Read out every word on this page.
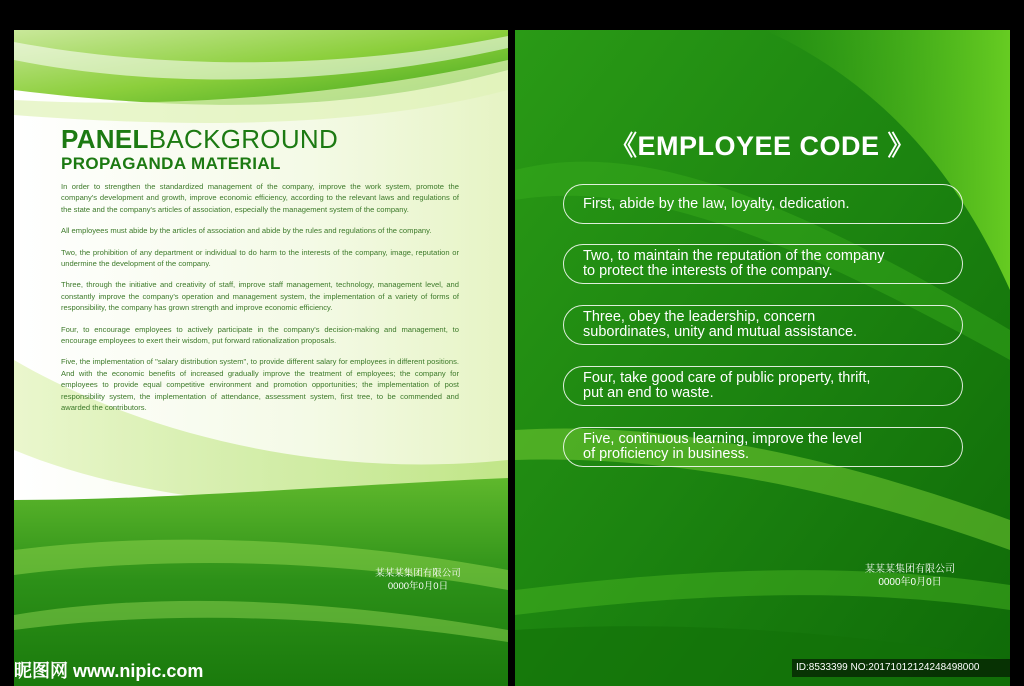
PANELBACKGROUND
PROPAGANDA MATERIAL

In order to strengthen the standardized management of the company, improve the work system, promote the company's development and growth, improve economic efficiency, according to the relevant laws and regulations of the state and the company's articles of association, especially the management system of the company.

All employees must abide by the articles of association and abide by the rules and regulations of the company.

Two, the prohibition of any department or individual to do harm to the interests of the company, image, reputation or undermine the development of the company.

Three, through the initiative and creativity of staff, improve staff management, technology, management level, and constantly improve the company's operation and management system, the implementation of a variety of forms of responsibility, the company has grown strength and improve economic efficiency.

Four, to encourage employees to actively participate in the company's decision-making and management, to encourage employees to exert their wisdom, put forward rationalization proposals.

Five, the implementation of "salary distribution system", to provide different salary for employees in different positions. And with the economic benefits of increased gradually improve the treatment of employees; the company for employees to provide equal competitive environment and promotion opportunities; the implementation of post responsibility system, the implementation of attendance, assessment system, first tree, to be commended and awarded the contributors.

某某某集团有限公司
0000年0月0日
《EMPLOYEE CODE 》
First, abide by the law, loyalty, dedication.
Two, to maintain the reputation of the company
to protect the interests of the company.
Three, obey the leadership, concern
subordinates, unity and mutual assistance.
Four, take good care of public property, thrift,
put an end to waste.
Five, continuous learning, improve the level
of proficiency in business.
某某某集团有限公司
0000年0月0日
昵图网 www.nipic.com	ID:8533399 NO:20171012124248498000
